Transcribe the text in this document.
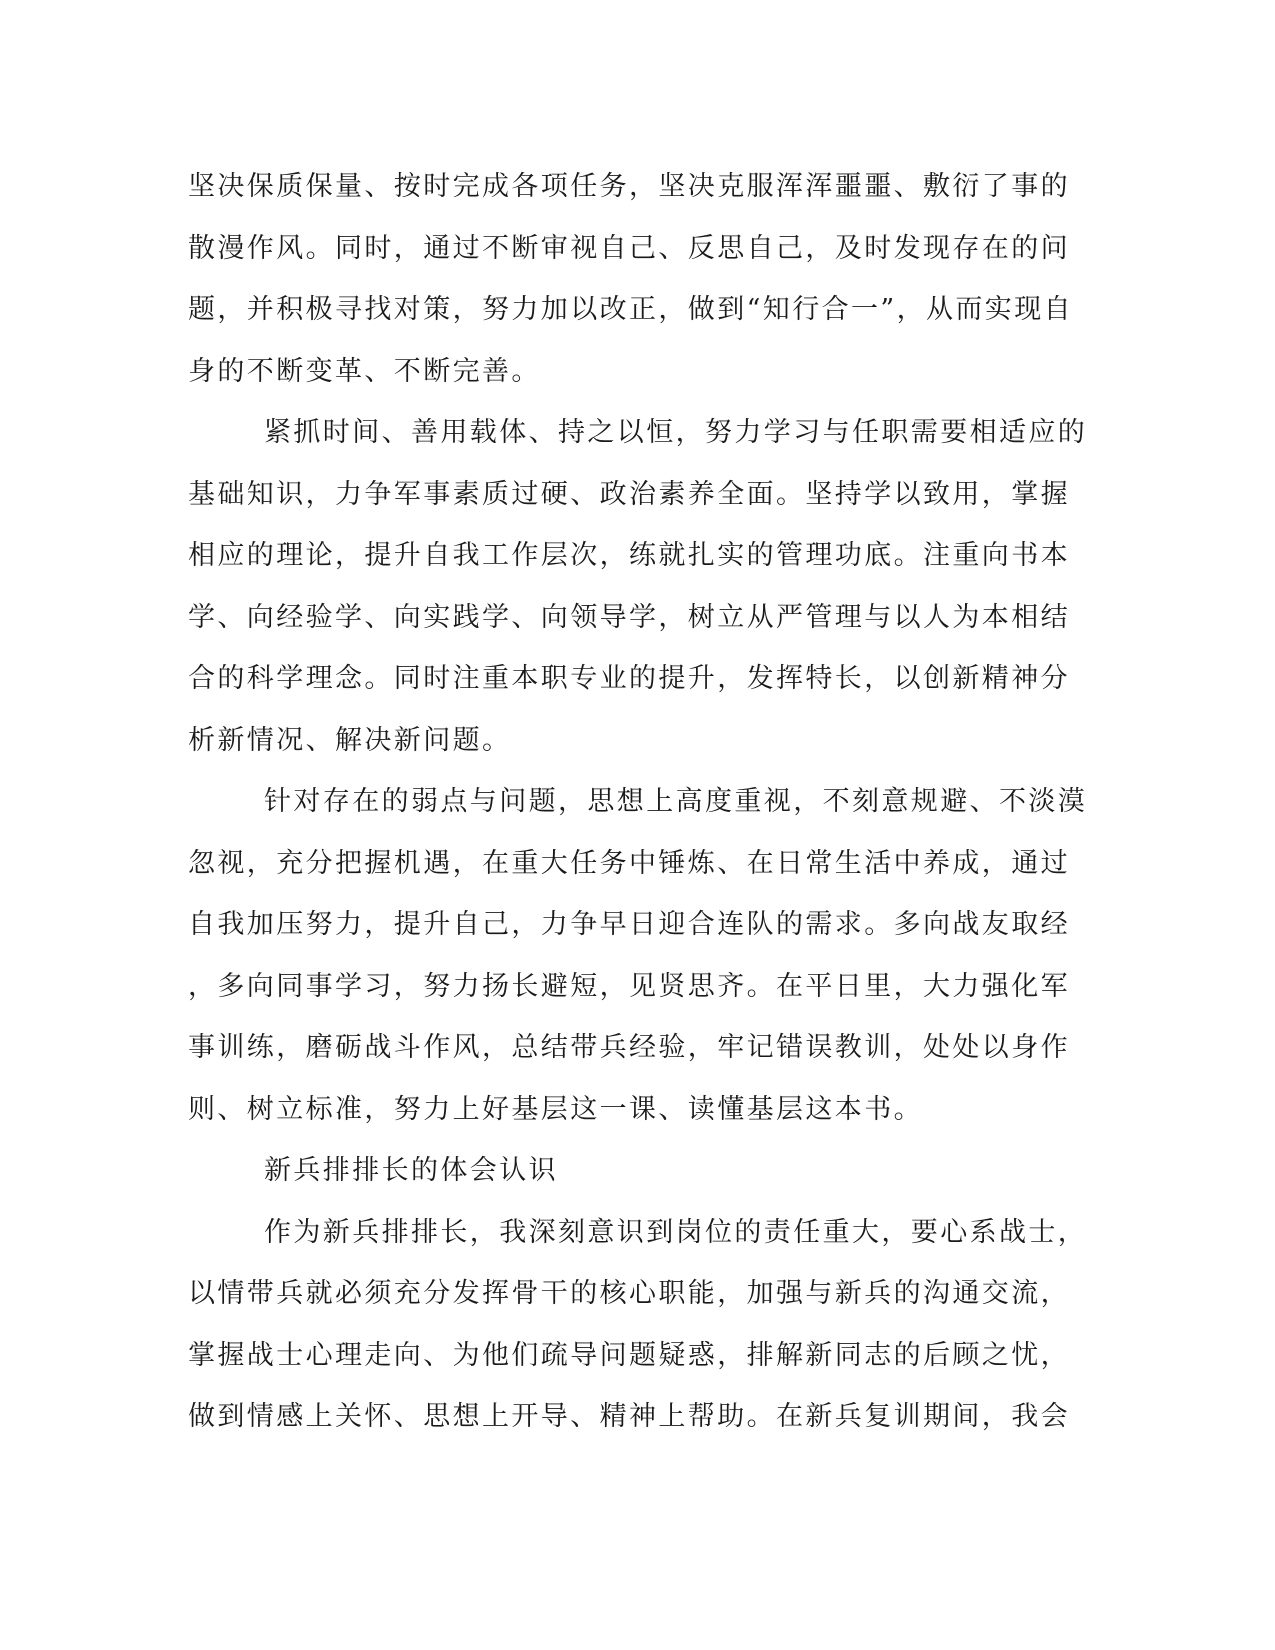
坚决保质保量、按时完成各项任务，坚决克服浑浑噩噩、敷衍了事的
散漫作风。同时，通过不断审视自己、反思自己，及时发现存在的问
题，并积极寻找对策，努力加以改正，做到“知行合一”，从而实现自
身的不断变革、不断完善。
紧抓时间、善用载体、持之以恒，努力学习与任职需要相适应的
基础知识，力争军事素质过硬、政治素养全面。坚持学以致用，掌握
相应的理论，提升自我工作层次，练就扎实的管理功底。注重向书本
学、向经验学、向实践学、向领导学，树立从严管理与以人为本相结
合的科学理念。同时注重本职专业的提升，发挥特长，以创新精神分
析新情况、解决新问题。
针对存在的弱点与问题，思想上高度重视，不刻意规避、不淡漠
忽视，充分把握机遇，在重大任务中锤炼、在日常生活中养成，通过
自我加压努力，提升自己，力争早日迎合连队的需求。多向战友取经
，多向同事学习，努力扬长避短，见贤思齐。在平日里，大力强化军
事训练，磨砺战斗作风，总结带兵经验，牢记错误教训，处处以身作
则、树立标准，努力上好基层这一课、读懂基层这本书。
新兵排排长的体会认识
作为新兵排排长，我深刻意识到岗位的责任重大，要心系战士，
以情带兵就必须充分发挥骨干的核心职能，加强与新兵的沟通交流，
掌握战士心理走向、为他们疏导问题疑惑，排解新同志的后顾之忧，
做到情感上关怀、思想上开导、精神上帮助。在新兵复训期间，我会
